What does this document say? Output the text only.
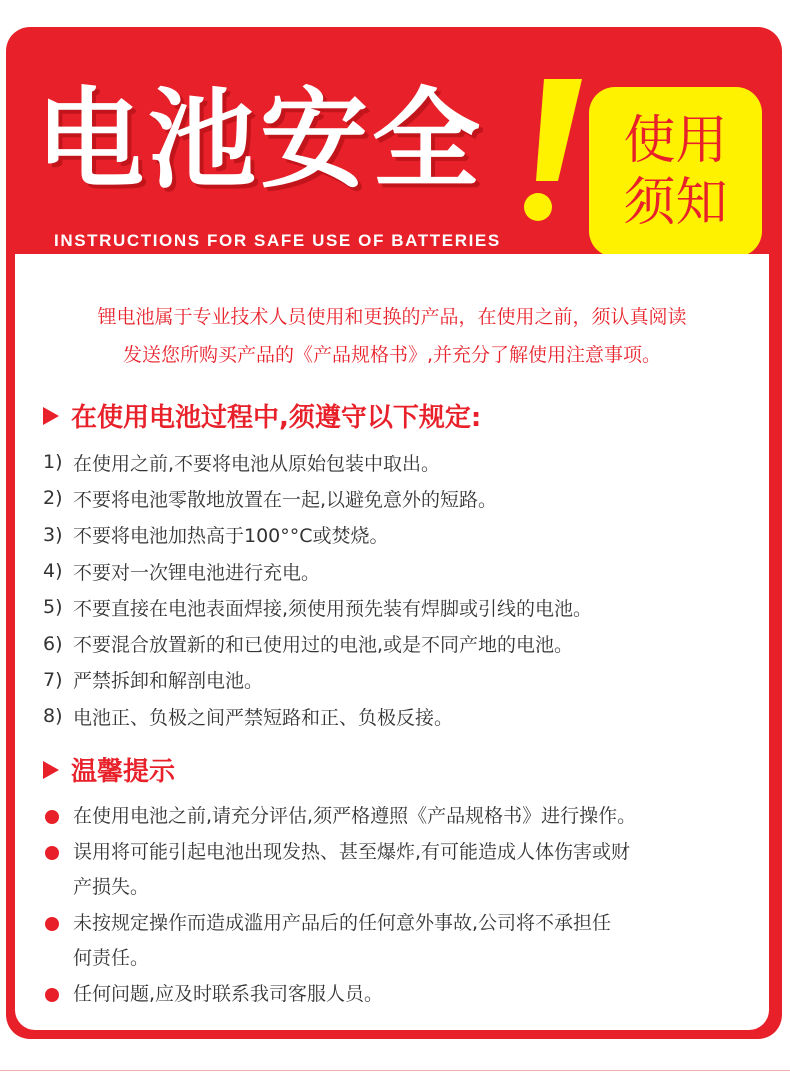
电池安全
INSTRUCTIONS FOR SAFE USE OF BATTERIES
使用
须知
锂电池属于专业技术人员使用和更换的产品，在使用之前，须认真阅读
发送您所购买产品的《产品规格书》,并充分了解使用注意事项。
在使用电池过程中,须遵守以下规定:
1) 在使用之前,不要将电池从原始包装中取出。
2) 不要将电池零散地放置在一起,以避免意外的短路。
3) 不要将电池加热高于100°°C或焚烧。
4) 不要对一次锂电池进行充电。
5) 不要直接在电池表面焊接,须使用预先装有焊脚或引线的电池。
6) 不要混合放置新的和已使用过的电池,或是不同产地的电池。
7) 严禁拆卸和解剖电池。
8) 电池正、负极之间严禁短路和正、负极反接。
温馨提示
在使用电池之前,请充分评估,须严格遵照《产品规格书》进行操作。
误用将可能引起电池出现发热、甚至爆炸,有可能造成人体伤害或财
产损失。
未按规定操作而造成滥用产品后的任何意外事故,公司将不承担任
何责任。
任何问题,应及时联系我司客服人员。
